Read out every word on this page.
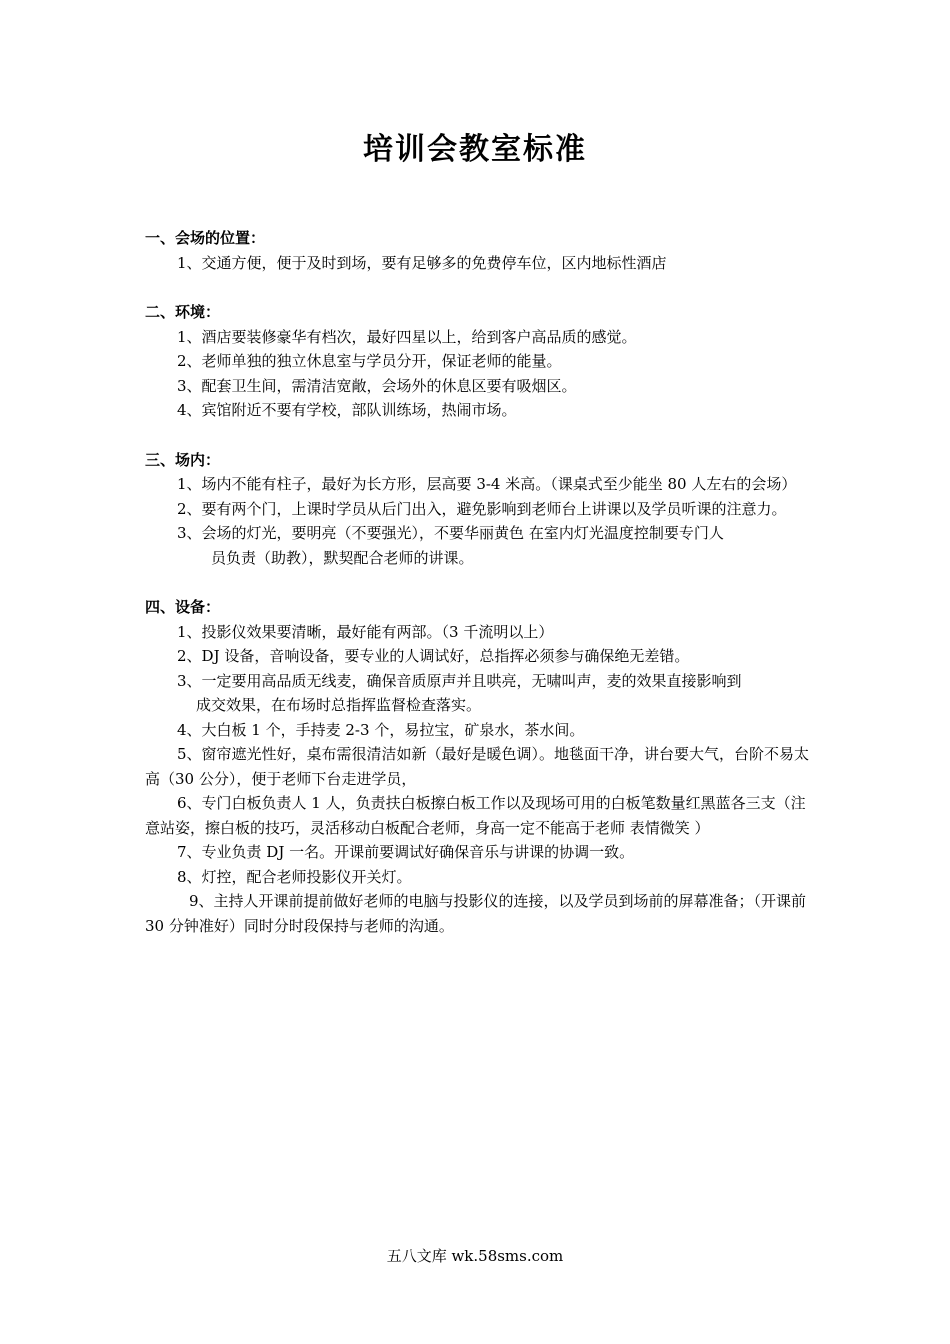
培训会教室标准

一、会场的位置：

1、交通方便，便于及时到场，要有足够多的免费停车位，区内地标性酒店

二、环境：

1、酒店要装修豪华有档次，最好四星以上，给到客户高品质的感觉。

2、老师单独的独立休息室与学员分开，保证老师的能量。

3、配套卫生间，需清洁宽敞，会场外的休息区要有吸烟区。

4、宾馆附近不要有学校，部队训练场，热闹市场。

三、场内：

1、场内不能有柱子，最好为长方形，层高要 3-4 米高。（课桌式至少能坐 80 人左右的会场）

2、要有两个门，上课时学员从后门出入，避免影响到老师台上讲课以及学员听课的注意力。

3、会场的灯光，要明亮（不要强光），不要华丽黄色 在室内灯光温度控制要专门人
员负责（助教），默契配合老师的讲课。

四、设备：

1、投影仪效果要清晰，最好能有两部。（3 千流明以上）

2、DJ 设备，音响设备，要专业的人调试好，总指挥必须参与确保绝无差错。

3、一定要用高品质无线麦，确保音质原声并且哄亮，无啸叫声，麦的效果直接影响到
成交效果，在布场时总指挥监督检查落实。

4、大白板 1 个，手持麦 2-3 个，易拉宝，矿泉水，茶水间。

5、窗帘遮光性好，桌布需很清洁如新（最好是暖色调）。地毯面干净，讲台要大气，台阶不易太高（30 公分），便于老师下台走进学员，

6、专门白板负责人 1 人，负责扶白板擦白板工作以及现场可用的白板笔数量红黑蓝各三支（注意站姿，擦白板的技巧，灵活移动白板配合老师，身高一定不能高于老师 表情微笑 ）

7、专业负责 DJ 一名。开课前要调试好确保音乐与讲课的协调一致。

8、灯控，配合老师投影仪开关灯。

9、主持人开课前提前做好老师的电脑与投影仪的连接，以及学员到场前的屏幕准备；（开课前 30 分钟准好）同时分时段保持与老师的沟通。

五八文库 wk.58sms.com
